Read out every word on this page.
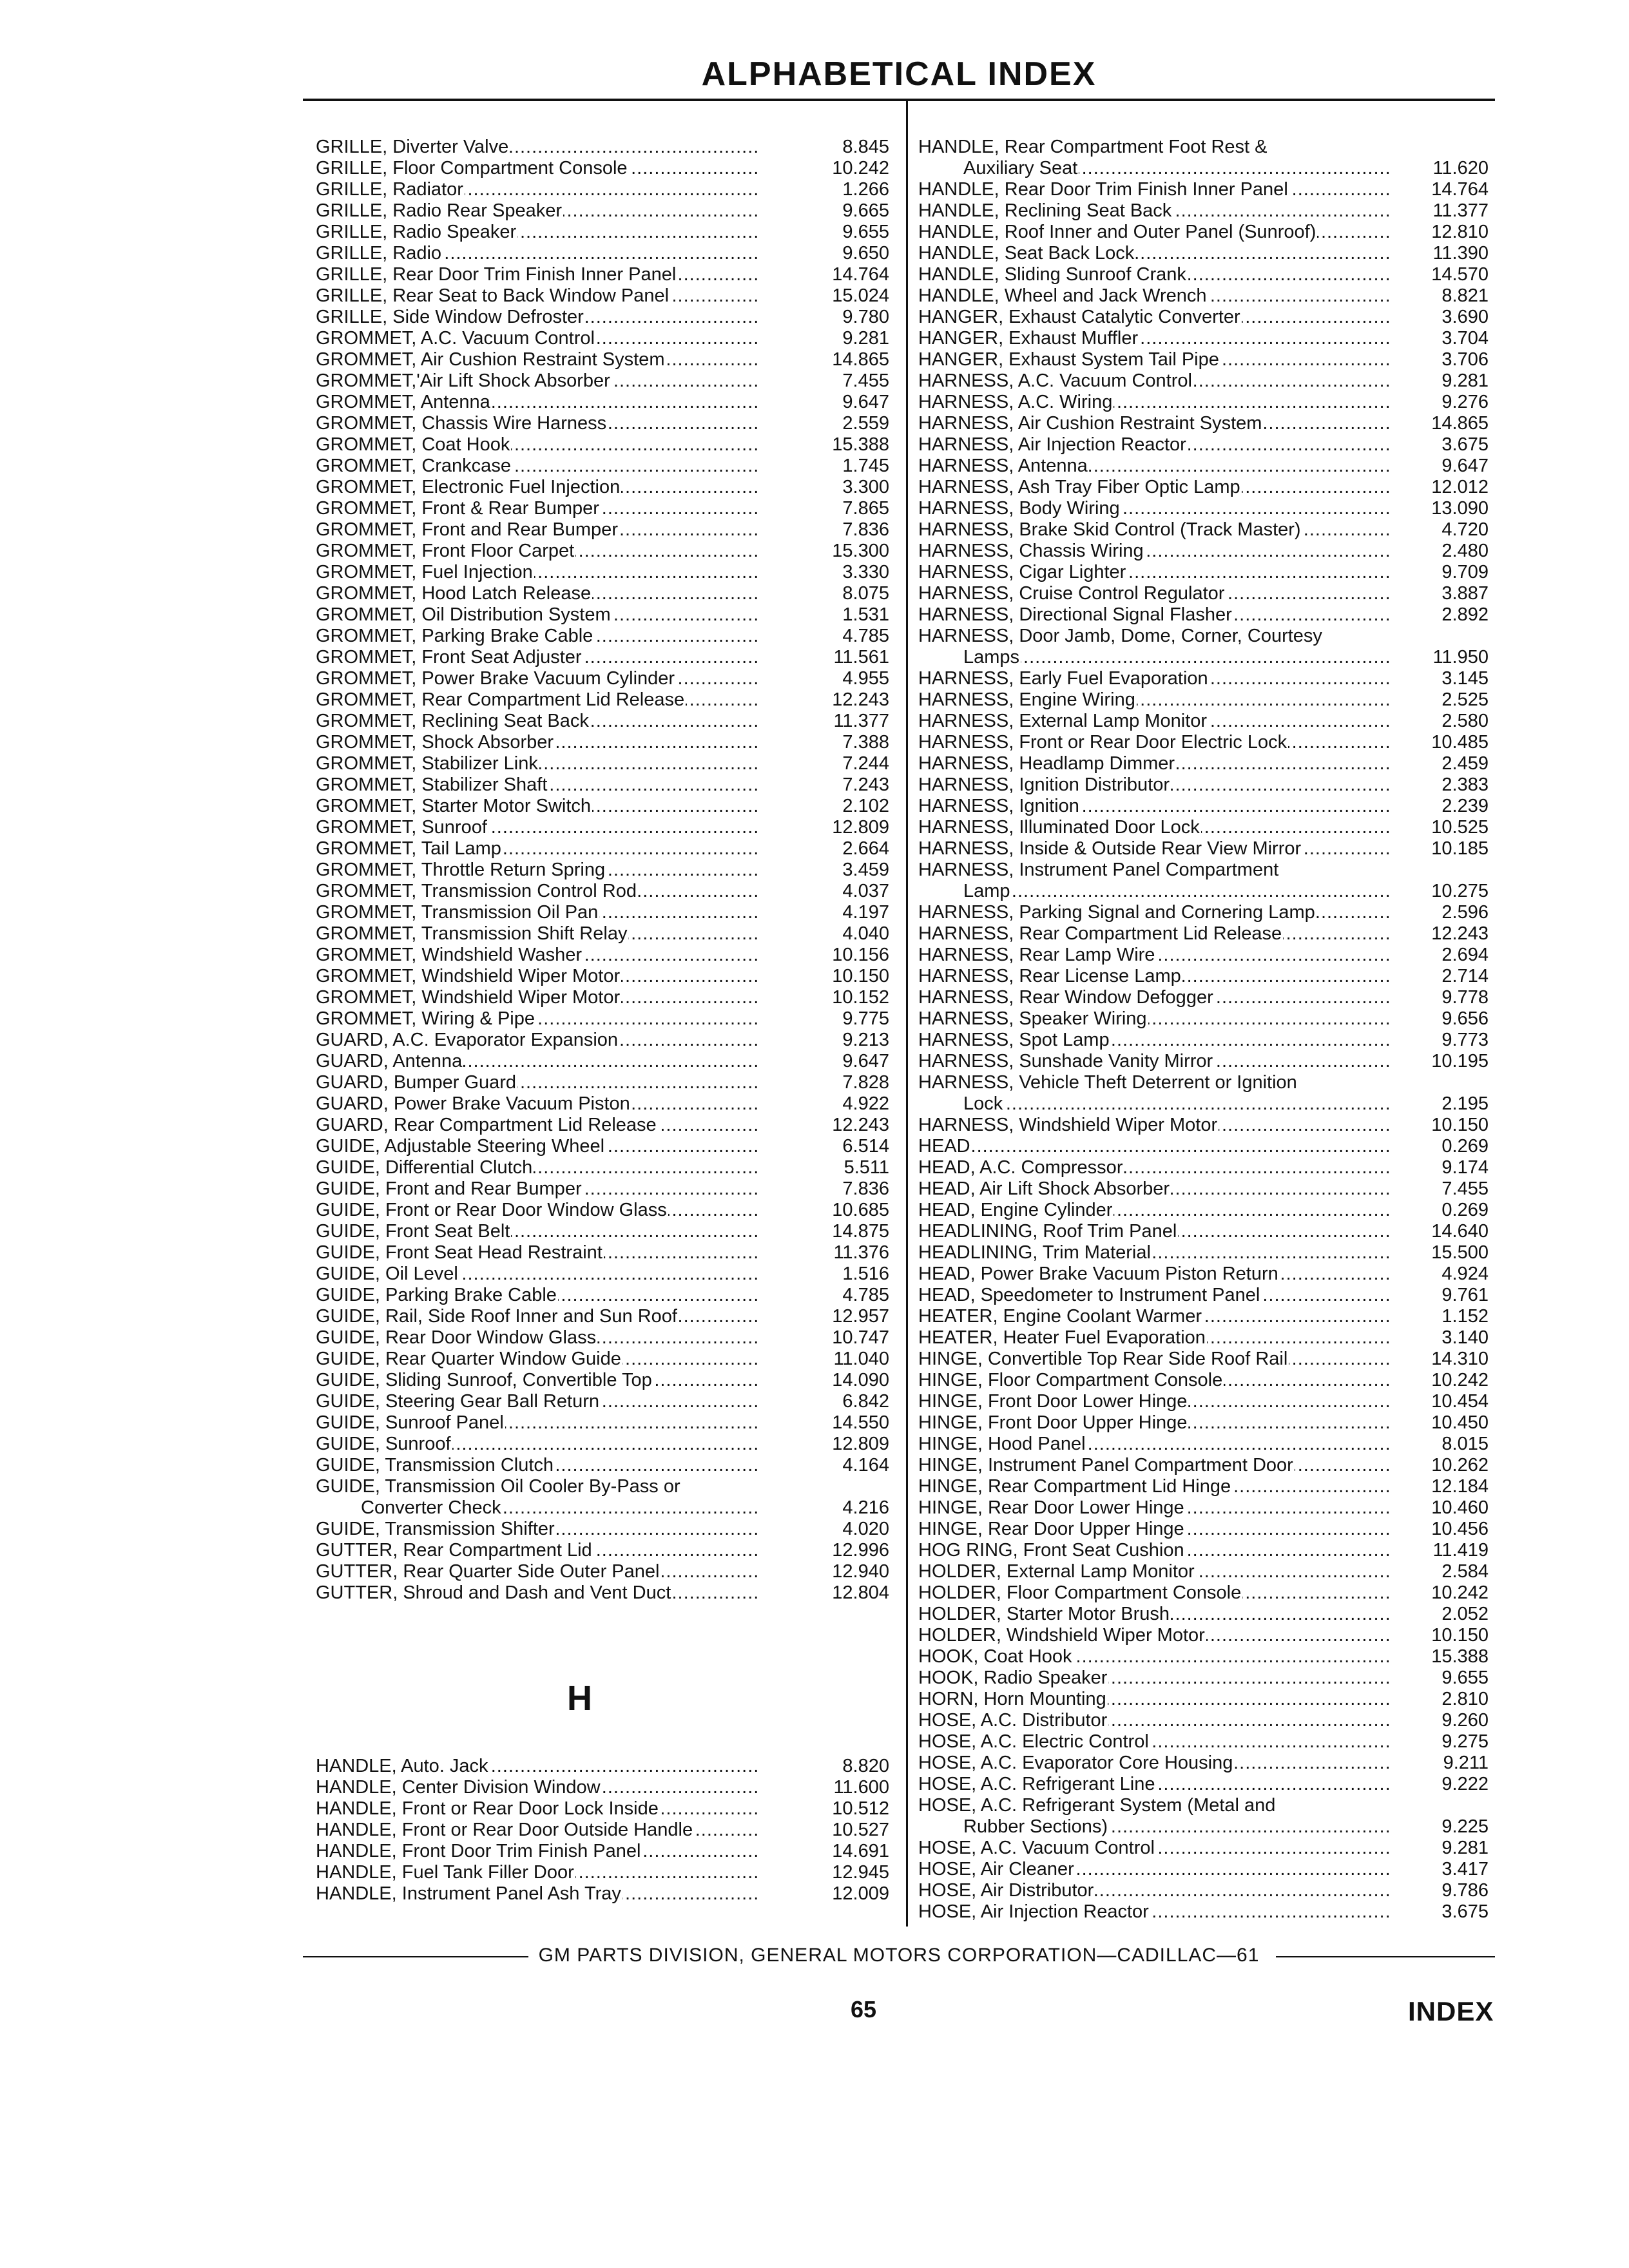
ALPHABETICAL INDEX
.....
GRILLE, Diverter Valve	8.845
.....
GRILLE, Floor Compartment Console	10.242
.....
GRILLE, Radiator	1.266
.....
GRILLE, Radio Rear Speaker	9.665
.....
GRILLE, Radio Speaker	9.655
.....
GRILLE, Radio	9.650
.....
GRILLE, Rear Door Trim Finish Inner Panel	14.764
.....
GRILLE, Rear Seat to Back Window Panel	15.024
.....
GRILLE, Side Window Defroster	9.780
.....
GROMMET, A.C. Vacuum Control	9.281
.....
GROMMET, Air Cushion Restraint System	14.865
.....
GROMMET,'Air Lift Shock Absorber	7.455
.....
GROMMET, Antenna	9.647
.....
GROMMET, Chassis Wire Harness	2.559
.....
GROMMET, Coat Hook	15.388
.....
GROMMET, Crankcase	1.745
.....
GROMMET, Electronic Fuel Injection	3.300
.....
GROMMET, Front & Rear Bumper	7.865
.....
GROMMET, Front and Rear Bumper	7.836
.....
GROMMET, Front Floor Carpet	15.300
.....
GROMMET, Fuel Injection	3.330
.....
GROMMET, Hood Latch Release	8.075
.....
GROMMET, Oil Distribution System	1.531
.....
GROMMET, Parking Brake Cable	4.785
.....
GROMMET, Front Seat Adjuster	11.561
.....
GROMMET, Power Brake Vacuum Cylinder	4.955
.....
GROMMET, Rear Compartment Lid Release	12.243
.....
GROMMET, Reclining Seat Back	11.377
.....
GROMMET, Shock Absorber	7.388
.....
GROMMET, Stabilizer Link	7.244
.....
GROMMET, Stabilizer Shaft	7.243
.....
GROMMET, Starter Motor Switch	2.102
.....
GROMMET, Sunroof	12.809
.....
GROMMET, Tail Lamp	2.664
.....
GROMMET, Throttle Return Spring	3.459
.....
GROMMET, Transmission Control Rod	4.037
.....
GROMMET, Transmission Oil Pan	4.197
.....
GROMMET, Transmission Shift Relay	4.040
.....
GROMMET, Windshield Washer	10.156
.....
GROMMET, Windshield Wiper Motor	10.150
.....
GROMMET, Windshield Wiper Motor	10.152
.....
GROMMET, Wiring & Pipe	9.775
.....
GUARD, A.C. Evaporator Expansion	9.213
.....
GUARD, Antenna	9.647
.....
GUARD, Bumper Guard	7.828
.....
GUARD, Power Brake Vacuum Piston	4.922
.....
GUARD, Rear Compartment Lid Release	12.243
.....
GUIDE, Adjustable Steering Wheel	6.514
.....
GUIDE, Differential Clutch	5.511
.....
GUIDE, Front and Rear Bumper	7.836
.....
GUIDE, Front or Rear Door Window Glass	10.685
.....
GUIDE, Front Seat Belt	14.875
.....
GUIDE, Front Seat Head Restraint	11.376
.....
GUIDE, Oil Level	1.516
.....
GUIDE, Parking Brake Cable	4.785
.....
GUIDE, Rail, Side Roof Inner and Sun Roof	12.957
.....
GUIDE, Rear Door Window Glass	10.747
.....
GUIDE, Rear Quarter Window Guide	11.040
.....
GUIDE, Sliding Sunroof, Convertible Top	14.090
.....
GUIDE, Steering Gear Ball Return	6.842
.....
GUIDE, Sunroof Panel	14.550
.....
GUIDE, Sunroof	12.809
.....
GUIDE, Transmission Clutch	4.164
GUIDE, Transmission Oil Cooler By-Pass or
.....
Converter Check	4.216
.....
GUIDE, Transmission Shifter	4.020
.....
GUTTER, Rear Compartment Lid	12.996
.....
GUTTER, Rear Quarter Side Outer Panel	12.940
.....
GUTTER, Shroud and Dash and Vent Duct	12.804
H
.....
HANDLE, Auto. Jack	8.820
.....
HANDLE, Center Division Window	11.600
.....
HANDLE, Front or Rear Door Lock Inside	10.512
.....
HANDLE, Front or Rear Door Outside Handle	10.527
.....
HANDLE, Front Door Trim Finish Panel	14.691
.....
HANDLE, Fuel Tank Filler Door	12.945
.....
HANDLE, Instrument Panel Ash Tray	12.009
HANDLE, Rear Compartment Foot Rest &
.....
Auxiliary Seat	11.620
.....
HANDLE, Rear Door Trim Finish Inner Panel	14.764
.....
HANDLE, Reclining Seat Back	11.377
.....
HANDLE, Roof Inner and Outer Panel (Sunroof)	12.810
.....
HANDLE, Seat Back Lock	11.390
.....
HANDLE, Sliding Sunroof Crank	14.570
.....
HANDLE, Wheel and Jack Wrench	8.821
.....
HANGER, Exhaust Catalytic Converter	3.690
.....
HANGER, Exhaust Muffler	3.704
.....
HANGER, Exhaust System Tail Pipe	3.706
.....
HARNESS, A.C. Vacuum Control	9.281
.....
HARNESS, A.C. Wiring	9.276
.....
HARNESS, Air Cushion Restraint System	14.865
.....
HARNESS, Air Injection Reactor	3.675
.....
HARNESS, Antenna	9.647
.....
HARNESS, Ash Tray Fiber Optic Lamp	12.012
.....
HARNESS, Body Wiring	13.090
.....
HARNESS, Brake Skid Control (Track Master)	4.720
.....
HARNESS, Chassis Wiring	2.480
.....
HARNESS, Cigar Lighter	9.709
.....
HARNESS, Cruise Control Regulator	3.887
.....
HARNESS, Directional Signal Flasher	2.892
HARNESS, Door Jamb, Dome, Corner, Courtesy
.....
Lamps	11.950
.....
HARNESS, Early Fuel Evaporation	3.145
.....
HARNESS, Engine Wiring	2.525
.....
HARNESS, External Lamp Monitor	2.580
.....
HARNESS, Front or Rear Door Electric Lock	10.485
.....
HARNESS, Headlamp Dimmer	2.459
.....
HARNESS, Ignition Distributor	2.383
.....
HARNESS, Ignition	2.239
.....
HARNESS, Illuminated Door Lock	10.525
.....
HARNESS, Inside & Outside Rear View Mirror	10.185
HARNESS, Instrument Panel Compartment
.....
Lamp	10.275
.....
HARNESS, Parking Signal and Cornering Lamp	2.596
.....
HARNESS, Rear Compartment Lid Release	12.243
.....
HARNESS, Rear Lamp Wire	2.694
.....
HARNESS, Rear License Lamp	2.714
.....
HARNESS, Rear Window Defogger	9.778
.....
HARNESS, Speaker Wiring	9.656
.....
HARNESS, Spot Lamp	9.773
.....
HARNESS, Sunshade Vanity Mirror	10.195
HARNESS, Vehicle Theft Deterrent or Ignition
.....
Lock	2.195
.....
HARNESS, Windshield Wiper Motor	10.150
.....
HEAD	0.269
.....
HEAD, A.C. Compressor	9.174
.....
HEAD, Air Lift Shock Absorber	7.455
.....
HEAD, Engine Cylinder	0.269
.....
HEADLINING, Roof Trim Panel	14.640
.....
HEADLINING, Trim Material	15.500
.....
HEAD, Power Brake Vacuum Piston Return	4.924
.....
HEAD, Speedometer to Instrument Panel	9.761
.....
HEATER, Engine Coolant Warmer	1.152
.....
HEATER, Heater Fuel Evaporation	3.140
.....
HINGE, Convertible Top Rear Side Roof Rail	14.310
.....
HINGE, Floor Compartment Console	10.242
.....
HINGE, Front Door Lower Hinge	10.454
.....
HINGE, Front Door Upper Hinge	10.450
.....
HINGE, Hood Panel	8.015
.....
HINGE, Instrument Panel Compartment Door	10.262
.....
HINGE, Rear Compartment Lid Hinge	12.184
.....
HINGE, Rear Door Lower Hinge	10.460
.....
HINGE, Rear Door Upper Hinge	10.456
.....
HOG RING, Front Seat Cushion	11.419
.....
HOLDER, External Lamp Monitor	2.584
.....
HOLDER, Floor Compartment Console	10.242
.....
HOLDER, Starter Motor Brush	2.052
.....
HOLDER, Windshield Wiper Motor	10.150
.....
HOOK, Coat Hook	15.388
.....
HOOK, Radio Speaker	9.655
.....
HORN, Horn Mounting	2.810
.....
HOSE, A.C. Distributor	9.260
.....
HOSE, A.C. Electric Control	9.275
.....
HOSE, A.C. Evaporator Core Housing	9.211
.....
HOSE, A.C. Refrigerant Line	9.222
HOSE, A.C. Refrigerant System (Metal and
.....
Rubber Sections)	9.225
.....
HOSE, A.C. Vacuum Control	9.281
.....
HOSE, Air Cleaner	3.417
.....
HOSE, Air Distributor	9.786
.....
HOSE, Air Injection Reactor	3.675
GM PARTS DIVISION, GENERAL MOTORS CORPORATION—CADILLAC—61
65	INDEX
